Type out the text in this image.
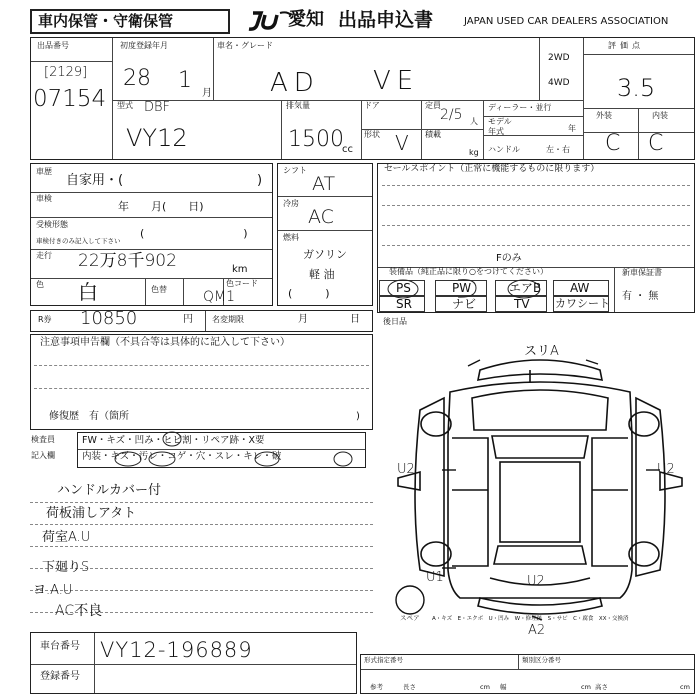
車内保管・守衛保管	愛知 出品申込書	JAPAN USED CAR DEALERS ASSOCIATION
出品番号
[2129]
07154
初度登録年月
28 1
月
車名・グレード
AD VE
2WD
4WD
評価点
3.5
型式 DBF
VY12
排気量
1500
cc
ドア
形状 V
定員
2/5 人
積載
kg
ディーラー・並行
モデル
年式	年
ハンドル	左・右
外装	内装
C C
車歴
自家用・(	)
車検
年　　月(　　日)
受検形態
車検付きのみ記入して下さい
(　　　　　　　　　)
走行 22万8千902	km
色 白	色替
色コード
QM1
シフト
AT
冷房
AC
燃料
ガソリン
軽 油
(　　　)
セールスポイント（正常に機能するものに限ります）
Fのみ
装備品（純正品に限り○をつけてください）
PS	PW	エアB AW
SR	ナビ	TV カワシート
新車保証書
有 ・ 無
R券 10850	円 名変期限	月	日	後日品
注意事項申告欄（不具合等は具体的に記入して下さい）
修復歴　有（箇所	)
検査員
記入欄
FW・キズ・凹み・ヒビ割・リペア跡・X要
内装・キズ・汚レ・コゲ・穴・スレ・キレ・破
ハンドルカバー付
荷板浦しアタト
荷室A.U
下廻りS
ヨ.A.U
AC不良
スリA
U2	U2
U1	U2
A2
スペア A・キズ　E・エクボ　U・凹み　W・修理跡　S・サビ　C・腐食　XX・交換済
車台番号 VY12-196889
登録番号
形式指定番号	類別区分番号
参考	長さ	cm 幅	cm 高さ	cm
